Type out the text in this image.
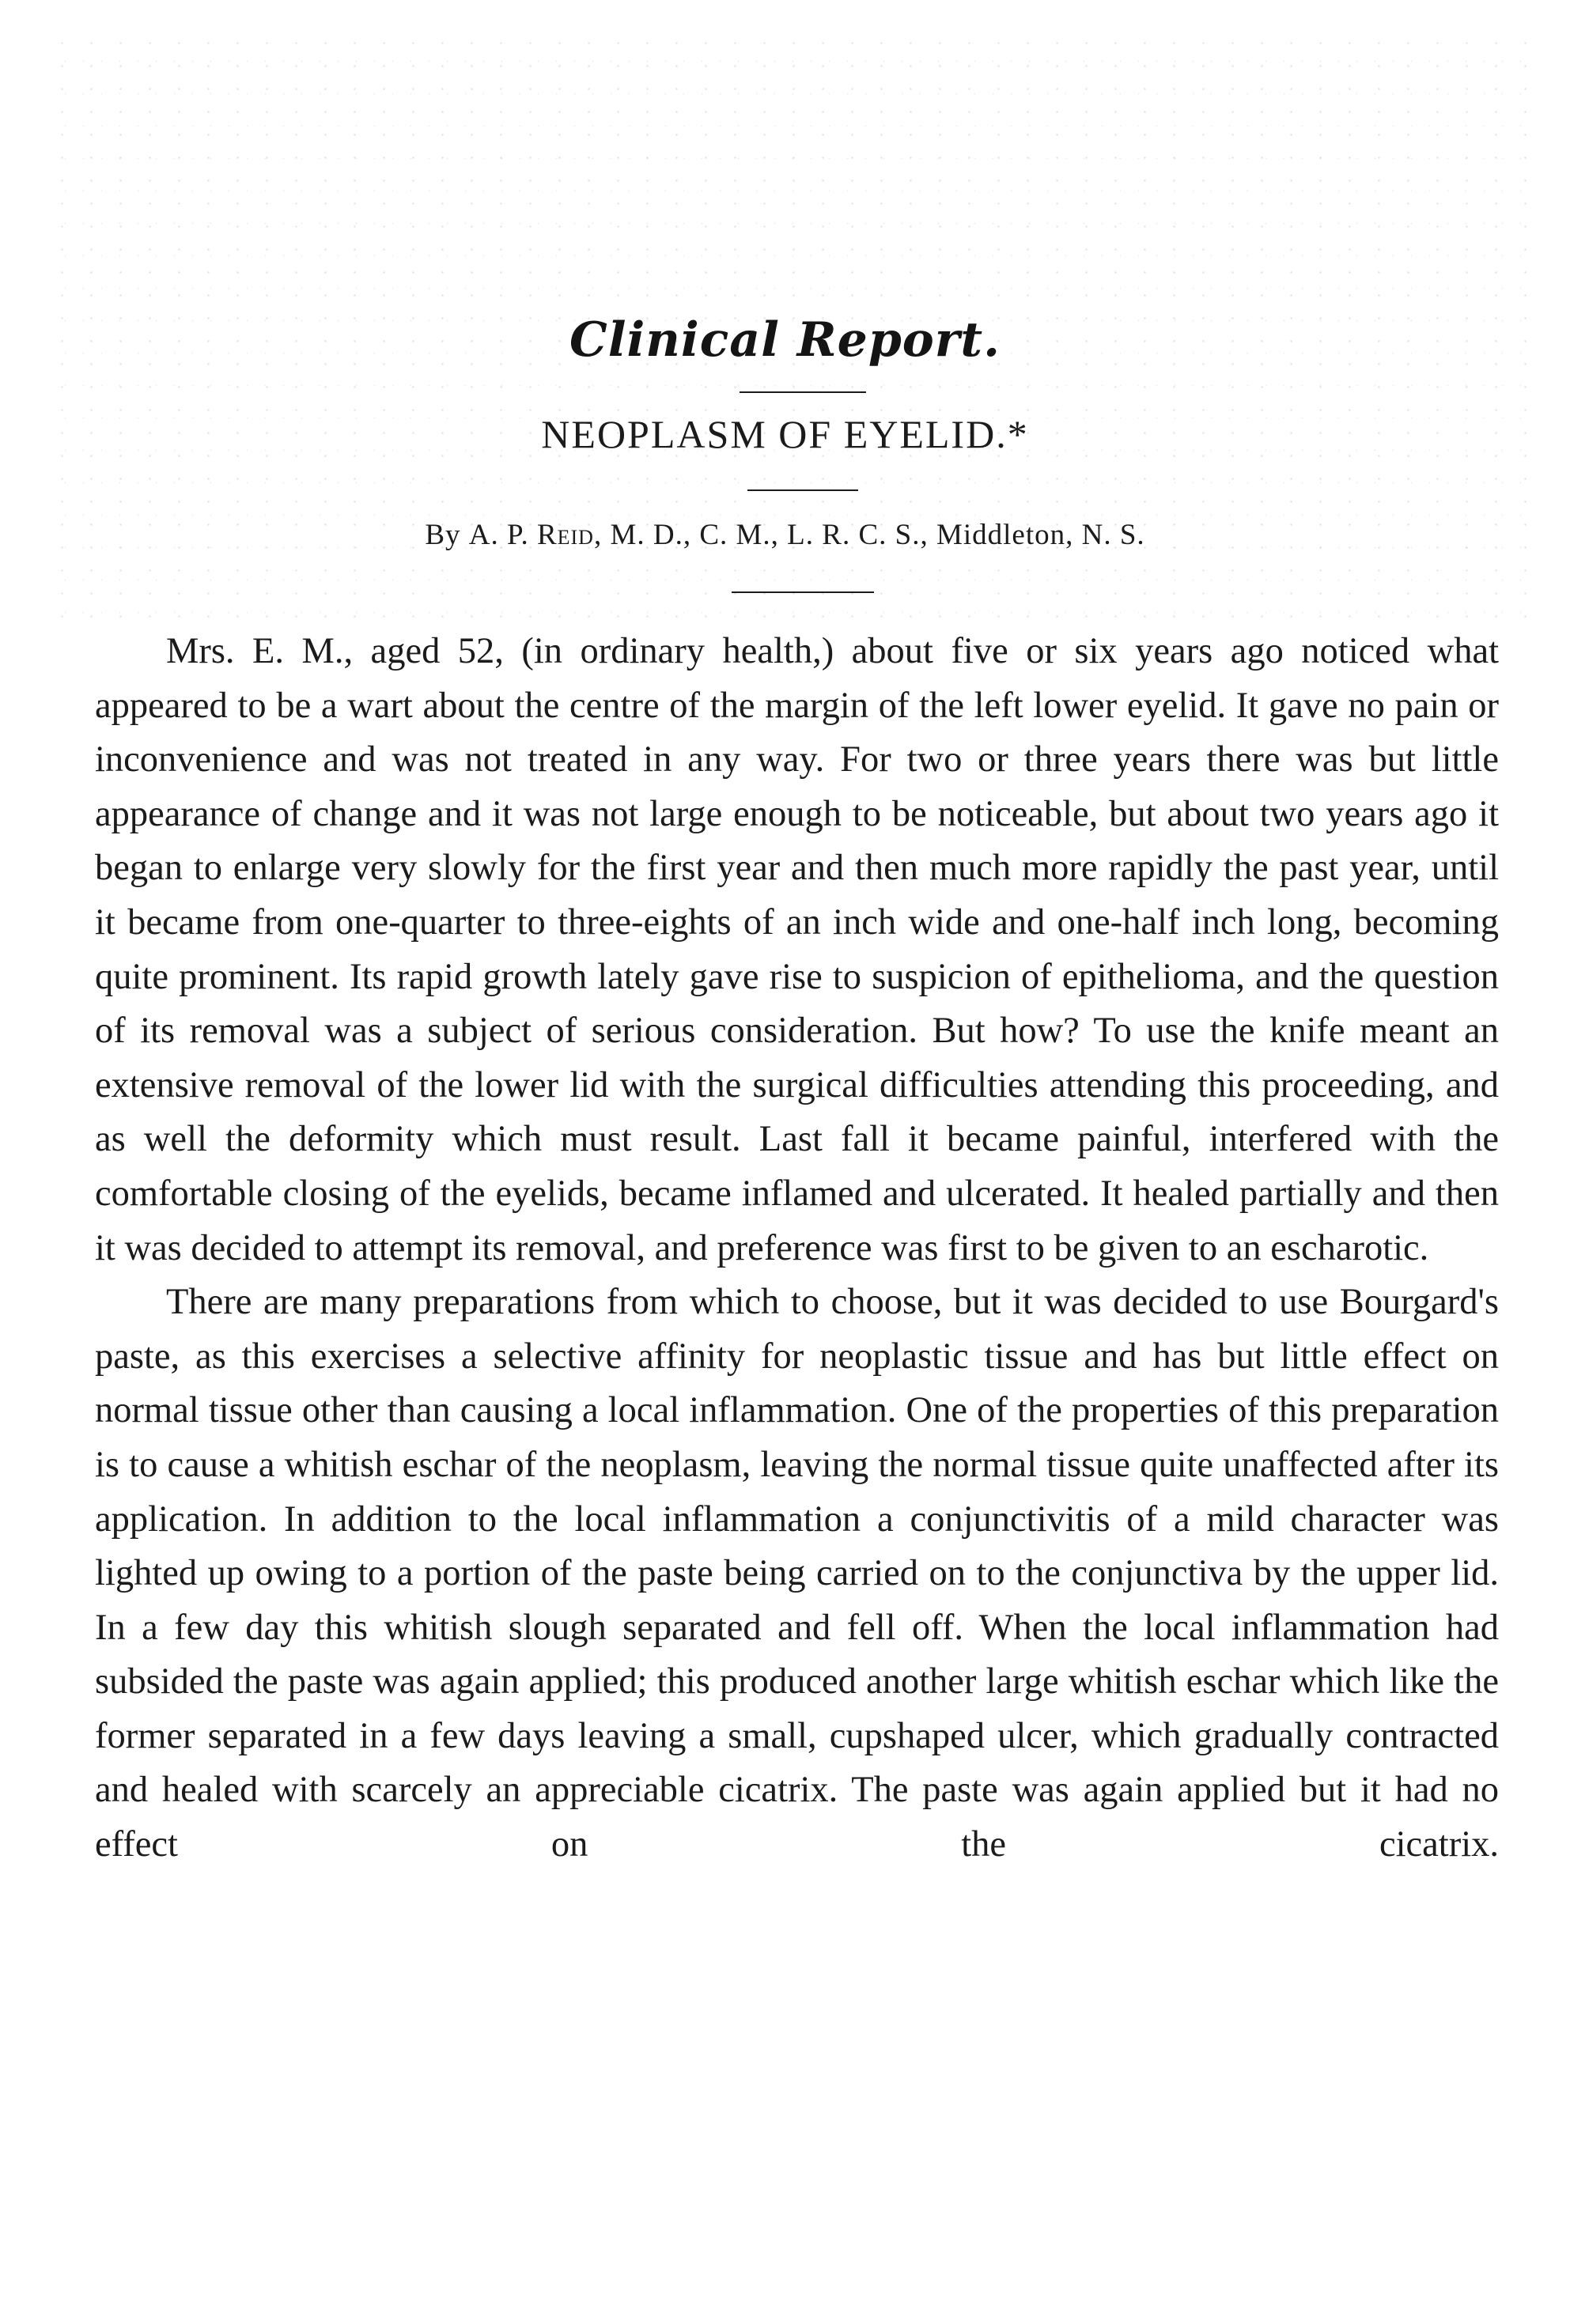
Clinical Report.
NEOPLASM OF EYELID.*
By A. P. Reid, M. D., C. M., L. R. C. S., Middleton, N. S.

Mrs. E. M., aged 52, (in ordinary health,) about five or six years ago noticed what appeared to be a wart about the centre of the margin of the left lower eyelid. It gave no pain or inconvenience and was not treated in any way. For two or three years there was but little appearance of change and it was not large enough to be noticeable, but about two years ago it began to enlarge very slowly for the first year and then much more rapidly the past year, until it became from one-quarter to three-eights of an inch wide and one-half inch long, becoming quite prominent. Its rapid growth lately gave rise to suspicion of epithelioma, and the question of its removal was a subject of serious consideration. But how? To use the knife meant an extensive removal of the lower lid with the surgical difficulties attending this proceeding, and as well the deformity which must result. Last fall it became painful, interfered with the comfortable closing of the eyelids, became inflamed and ulcerated. It healed partially and then it was decided to attempt its removal, and preference was first to be given to an escharotic.

There are many preparations from which to choose, but it was decided to use Bourgard's paste, as this exercises a selective affinity for neoplastic tissue and has but little effect on normal tissue other than causing a local inflammation. One of the properties of this preparation is to cause a whitish eschar of the neoplasm, leaving the normal tissue quite unaffected after its application. In addition to the local inflammation a conjunctivitis of a mild character was lighted up owing to a portion of the paste being carried on to the conjunctiva by the upper lid. In a few day this whitish slough separated and fell off. When the local inflammation had subsided the paste was again applied; this produced another large whitish eschar which like the former separated in a few days leaving a small, cupshaped ulcer, which gradually contracted and healed with scarcely an appreciable cicatrix. The paste was again applied but it had no effect on the cicatrix.
